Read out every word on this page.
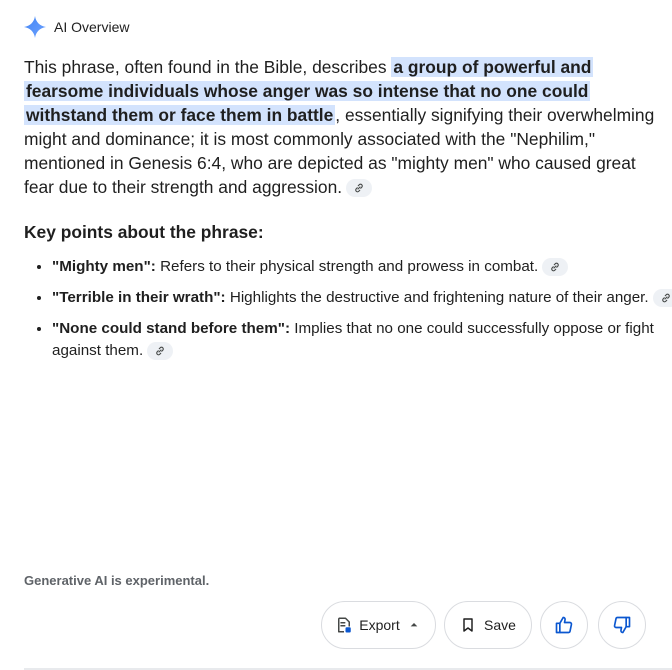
AI Overview

This phrase, often found in the Bible, describes a group of powerful and fearsome individuals whose anger was so intense that no one could withstand them or face them in battle , essentially signifying their overwhelming might and dominance; it is most commonly associated with the "Nephilim," mentioned in Genesis 6:4, who are depicted as "mighty men" who caused great fear due to their strength and aggression.

Key points about the phrase:
• "Mighty men": Refers to their physical strength and prowess in combat.
• "Terrible in their wrath": Highlights the destructive and frightening nature of their anger.
• "None could stand before them": Implies that no one could successfully oppose or fight against them.
Generative AI is experimental.
Export	Save
